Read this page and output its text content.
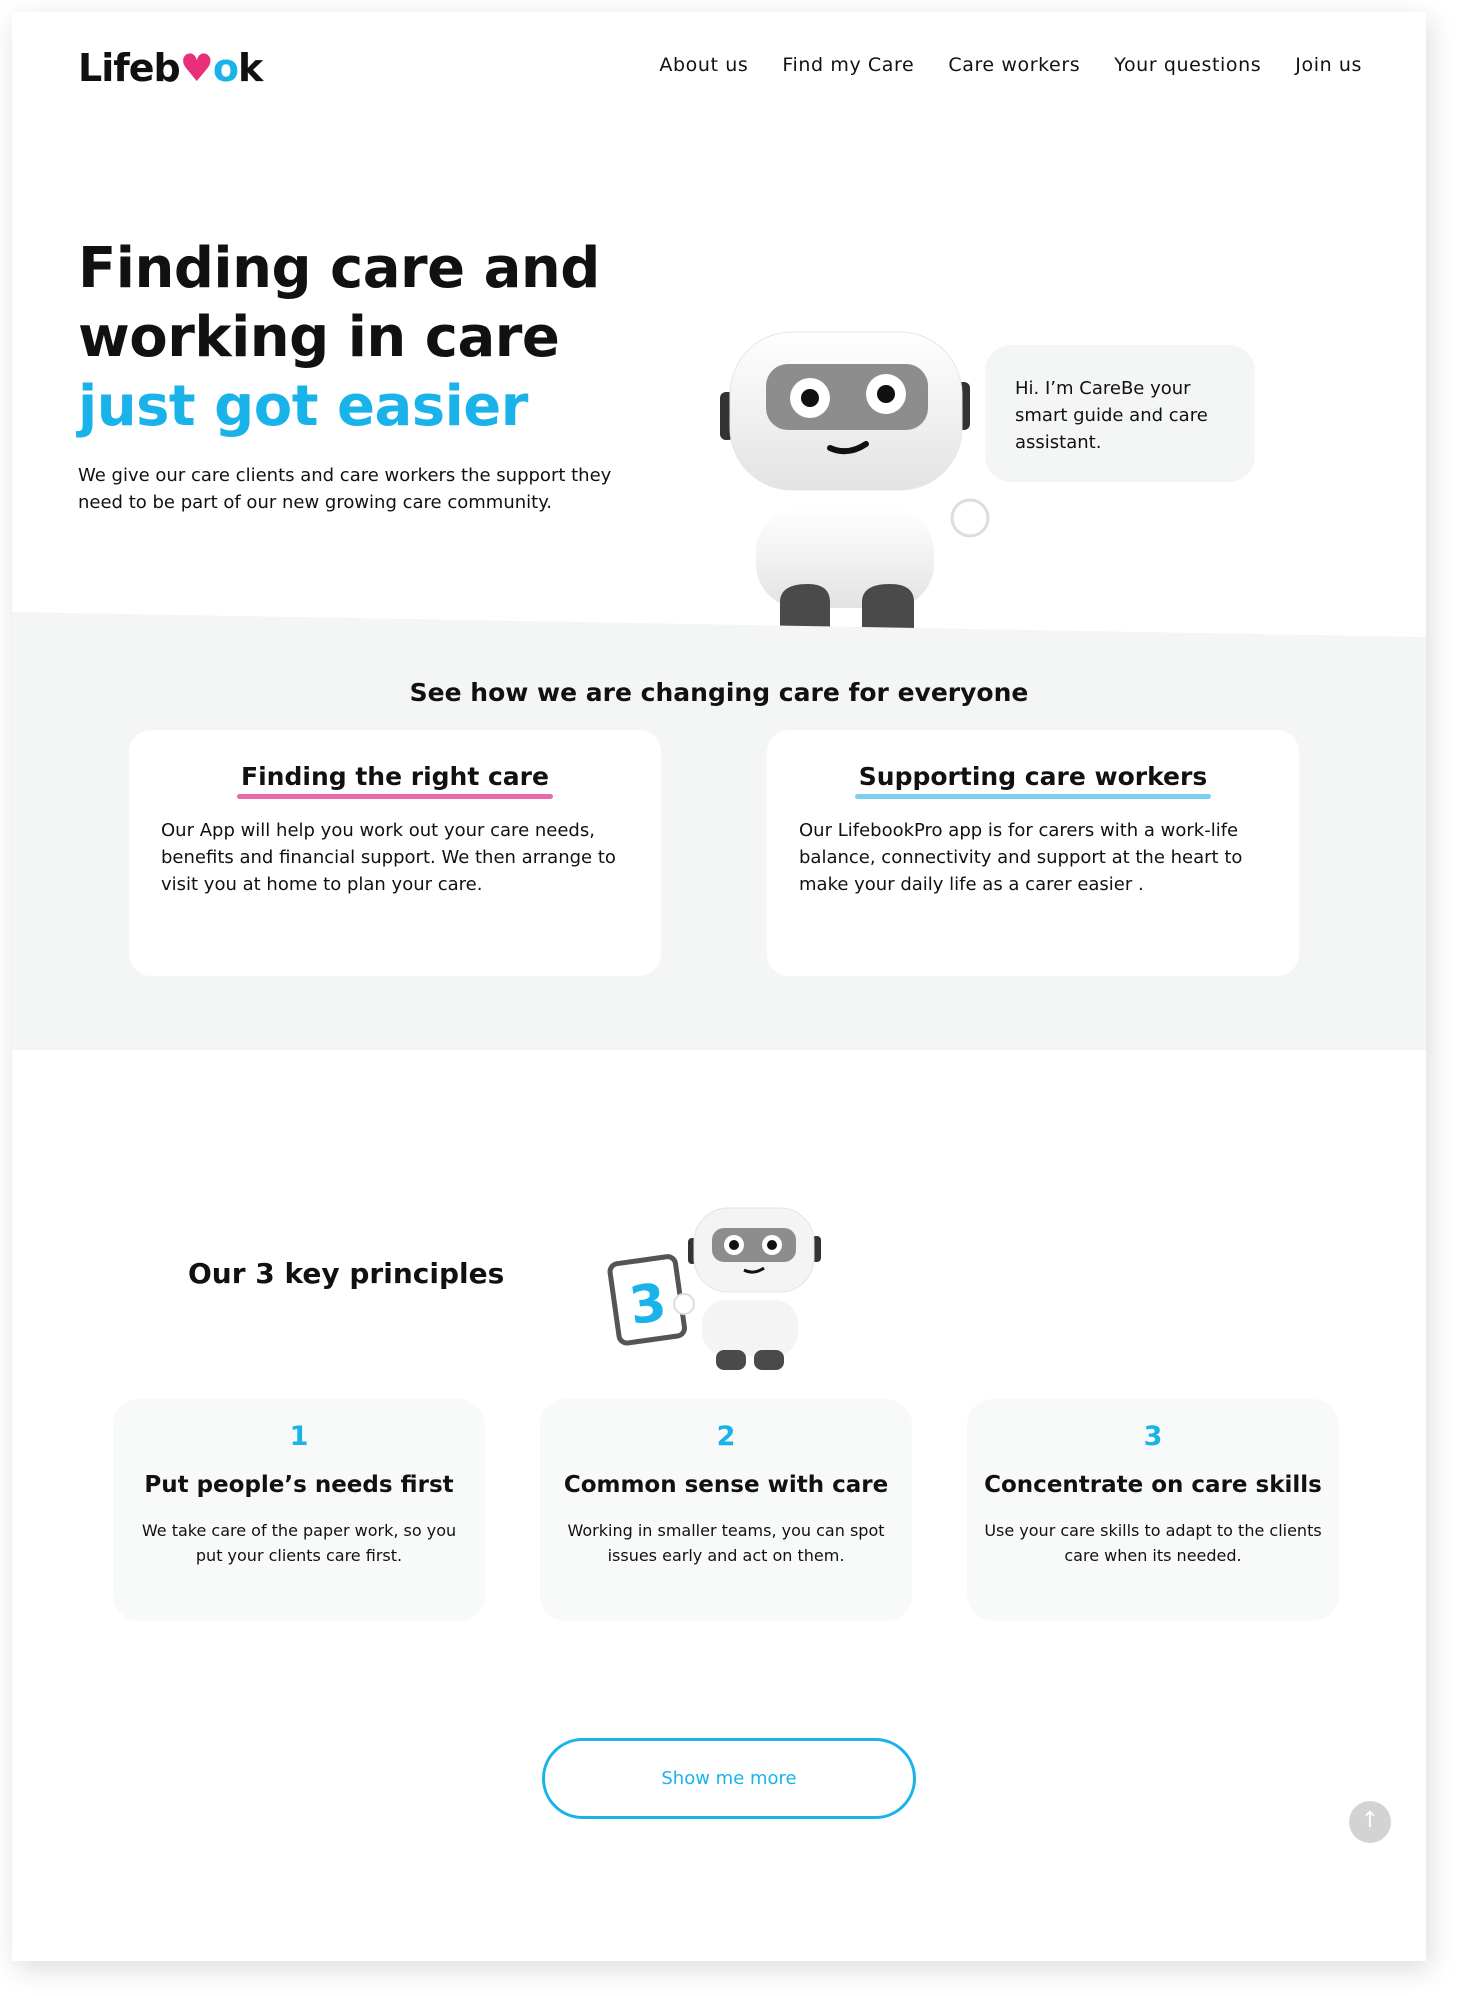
Lifeb♥ok	About us Find my Care Care workers Your questions Join us
Finding care and
working in care
just got easier

We give our care clients and care workers the support they need to be part of our new growing care community.

Hi. I’m CareBe your smart guide and care assistant.
See how we are changing care for everyone
Finding the right care

Our App will help you work out your care needs, benefits and financial support. We then arrange to visit you at home to plan your care.

Supporting care workers

Our LifebookPro app is for carers with a work-life balance, connectivity and support at the heart to make your daily life as a carer easier .

Our 3 key principles 3
1
Put people’s needs first

We take care of the paper work, so you put your clients care first.

2
Common sense with care

Working in smaller teams, you can spot issues early and act on them.

3
Concentrate on care skills

Use your care skills to adapt to the clients care when its needed.

Show me more
↑
